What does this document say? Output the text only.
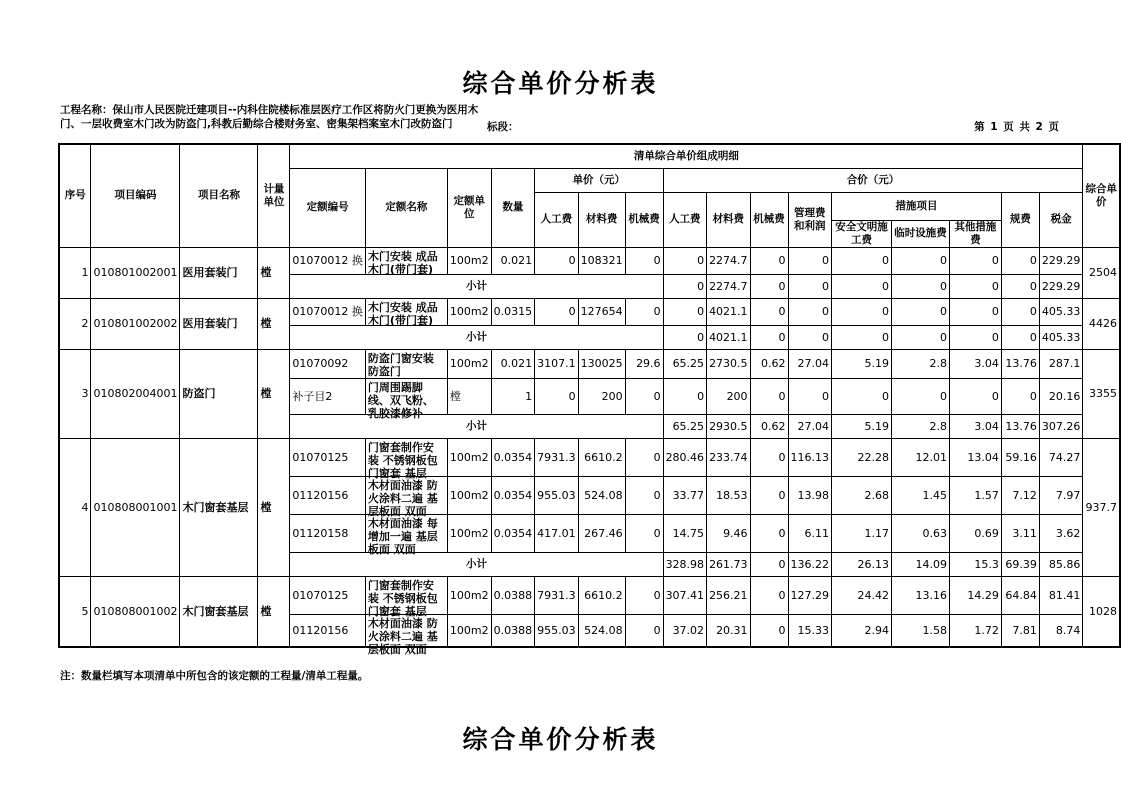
综合单价分析表
工程名称：保山市人民医院迁建项目--内科住院楼标准层医疗工作区将防火门更换为医用木门、一层收费室木门改为防盗门,科教后勤综合楼财务室、密集架档案室木门改防盗门	标段：	第 1 页 共 2 页
序号	项目编码	项目名称	计量单位	清单综合单价组成明细																综合单价
				定额编号	定额名称	定额单位	数量	单价（元）			合价（元）									
								人工费	材料费	机械费	人工费	材料费	机械费	管理费和利润	措施项目			规费	税金	
															安全文明施工费	临时设施费	其他措施费			
1	010801002001	医用套装门	樘	01070012 换	木门安装 成品木门(带门套)	100m2	0.021	0	108321	0	0	2274.7	0	0	0	0	0	0	229.29	2504
				小计							0	2274.7	0	0	0	0	0	0	229.29	
2	010801002002	医用套装门	樘	01070012 换	木门安装 成品木门(带门套)	100m2	0.0315	0	127654	0	0	4021.1	0	0	0	0	0	0	405.33	4426
				小计							0	4021.1	0	0	0	0	0	0	405.33	
3	010802004001	防盗门	樘	01070092	防盗门窗安装 防盗门	100m2	0.021	3107.1	130025	29.6	65.25	2730.5	0.62	27.04	5.19	2.8	3.04	13.76	287.1	3355
				补子目2	门周围踢脚线、双飞粉、乳胶漆修补	樘	1	0	200	0	0	200	0	0	0	0	0	0	20.16	
				小计							65.25	2930.5	0.62	27.04	5.19	2.8	3.04	13.76	307.26	
4	010808001001	木门窗套基层	樘	01070125	门窗套制作安装 不锈钢板包门窗套 基层	100m2	0.0354	7931.3	6610.2	0	280.46	233.74	0	116.13	22.28	12.01	13.04	59.16	74.27	937.7
				01120156	木材面油漆 防火涂料二遍 基层板面 双面	100m2	0.0354	955.03	524.08	0	33.77	18.53	0	13.98	2.68	1.45	1.57	7.12	7.97	
				01120158	木材面油漆 每增加一遍 基层板面 双面	100m2	0.0354	417.01	267.46	0	14.75	9.46	0	6.11	1.17	0.63	0.69	3.11	3.62	
				小计							328.98	261.73	0	136.22	26.13	14.09	15.3	69.39	85.86	
5	010808001002	木门窗套基层	樘	01070125	门窗套制作安装 不锈钢板包门窗套 基层	100m2	0.0388	7931.3	6610.2	0	307.41	256.21	0	127.29	24.42	13.16	14.29	64.84	81.41	1028
				01120156	木材面油漆 防火涂料二遍 基层板面 双面	100m2	0.0388	955.03	524.08	0	37.02	20.31	0	15.33	2.94	1.58	1.72	7.81	8.74	
注：数量栏填写本项清单中所包含的该定额的工程量/清单工程量。
综合单价分析表
